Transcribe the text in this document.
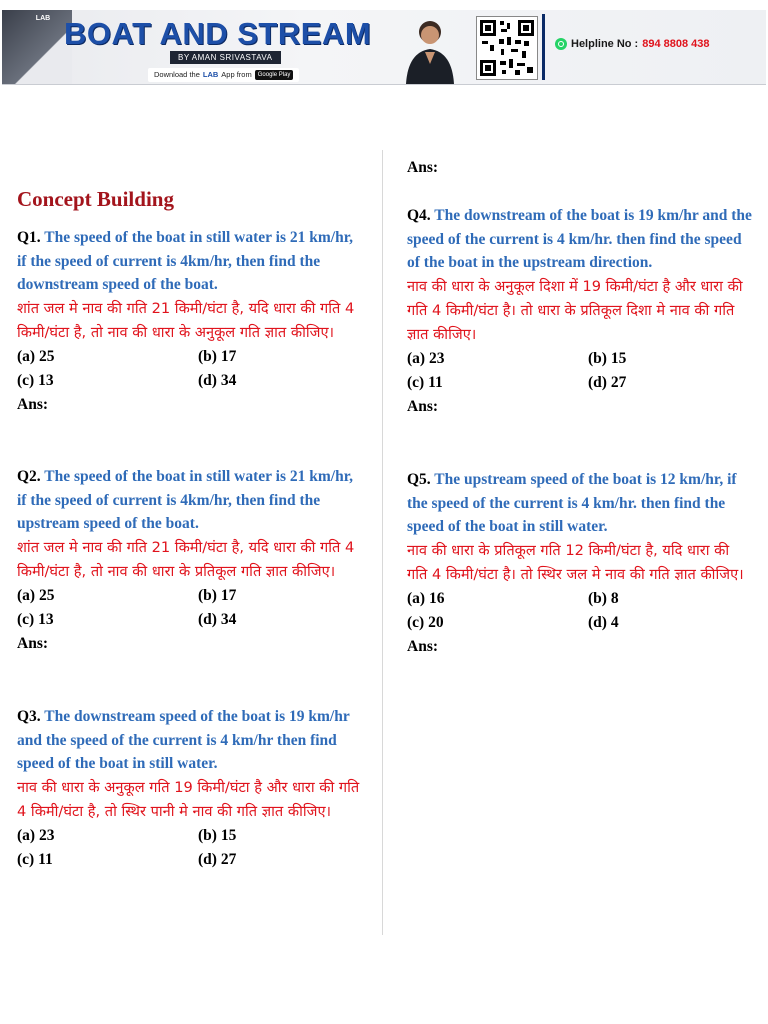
LAB BOAT AND STREAM
BY AMAN SRIVASTAVA
Download the LAB App from	Google Play
Helpline No : 894 8808 438
Concept Building
Q1. The speed of the boat in still water is 21 km/hr, if the speed of current is 4km/hr, then find the downstream speed of the boat.
शांत जल मे नाव की गति 21 किमी/घंटा है, यदि धारा की गति 4 किमी/घंटा है, तो नाव की धारा के अनुकूल गति ज्ञात कीजिए।
(a) 25	(b) 17
(c) 13	(d) 34
Ans:
Q2. The speed of the boat in still water is 21 km/hr, if the speed of current is 4km/hr, then find the upstream speed of the boat.
शांत जल मे नाव की गति 21 किमी/घंटा है, यदि धारा की गति 4 किमी/घंटा है, तो नाव की धारा के प्रतिकूल गति ज्ञात कीजिए।
(a) 25	(b) 17
(c) 13	(d) 34
Ans:
Q3. The downstream speed of the boat is 19 km/hr and the speed of the current is 4 km/hr then find speed of the boat in still water.
नाव की धारा के अनुकूल गति 19 किमी/घंटा है और धारा की गति 4 किमी/घंटा है, तो स्थिर पानी मे नाव की गति ज्ञात कीजिए।
(a) 23	(b) 15
(c) 11	(d) 27
Ans:
Q4. The downstream of the boat is 19 km/hr and the speed of the current is 4 km/hr. then find the speed of the boat in the upstream direction.
नाव की धारा के अनुकूल दिशा में 19 किमी/घंटा है और धारा की गति 4 किमी/घंटा है। तो धारा के प्रतिकूल दिशा मे नाव की गति ज्ञात कीजिए।
(a) 23	(b) 15
(c) 11	(d) 27
Ans:
Q5. The upstream speed of the boat is 12 km/hr, if the speed of the current is 4 km/hr. then find the speed of the boat in still water.
नाव की धारा के प्रतिकूल गति 12 किमी/घंटा है, यदि धारा की गति 4 किमी/घंटा है। तो स्थिर जल मे नाव की गति ज्ञात कीजिए।
(a) 16	(b) 8
(c) 20	(d) 4
Ans:
